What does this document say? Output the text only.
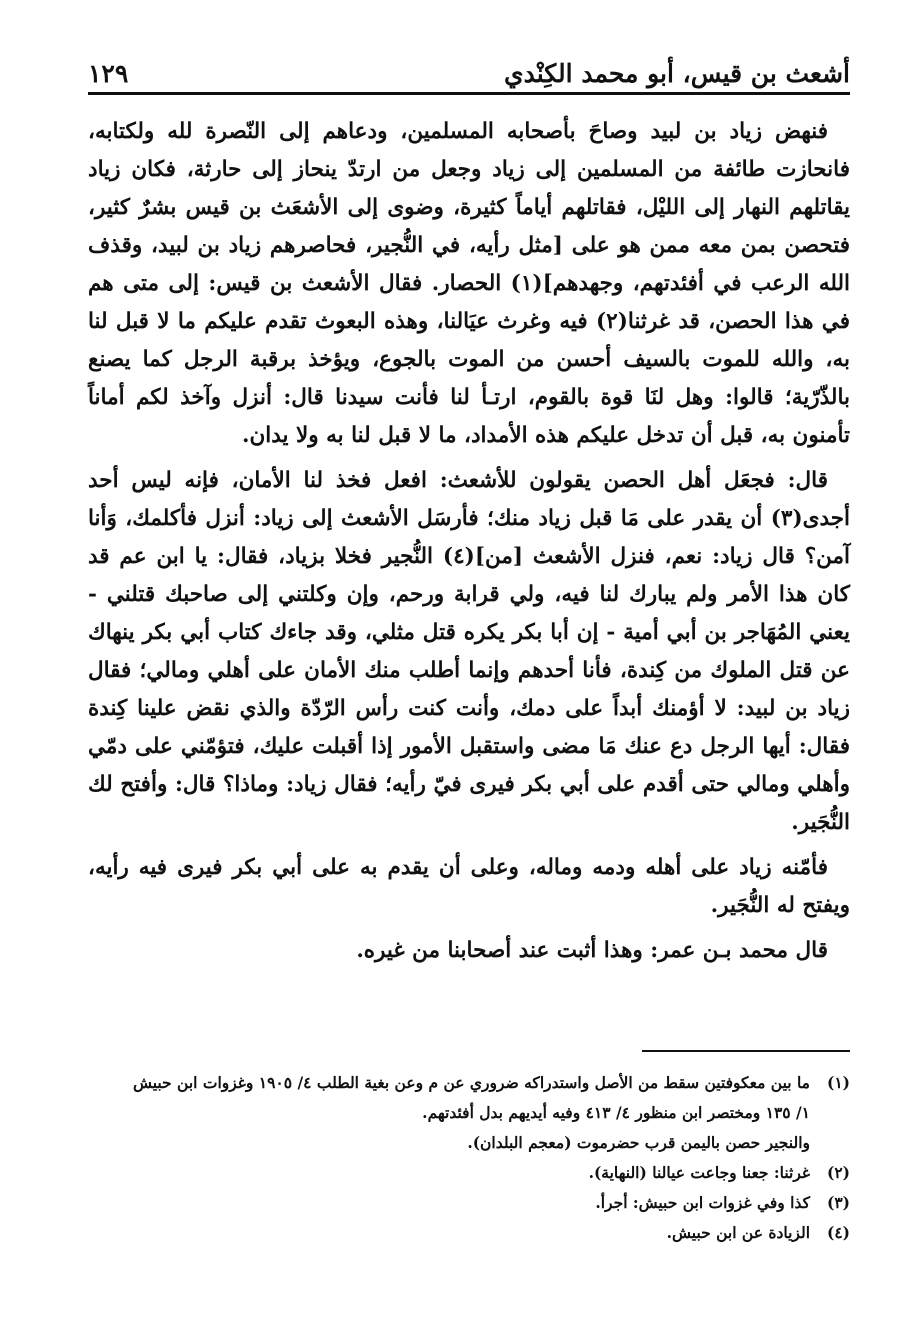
أشعث بن قيس، أبو محمد الكِنْدي
١٢٩

فنهض زياد بن لبيد وصاحَ بأصحابه المسلمين، ودعاهم إلى النّصرة لله ولكتابه، فانحازت طائفة من المسلمين إلى زياد وجعل من ارتدّ ينحاز إلى حارثة، فكان زياد يقاتلهم النهار إلى الليْل، فقاتلهم أياماً كثيرة، وضوى إلى الأشعَث بن قيس بشرٌ كثير، فتحصن بمن معه ممن هو على [مثل رأيه، في النُّجير، فحاصرهم زياد بن لبيد، وقذف الله الرعب في أفئدتهم، وجهدهم](١) الحصار. فقال الأشعث بن قيس: إلى متى هم في هذا الحصن، قد غرثنا(٢) فيه وغرث عيَالنا، وهذه البعوث تقدم عليكم ما لا قبل لنا به، والله للموت بالسيف أحسن من الموت بالجوع، ويؤخذ برقبة الرجل كما يصنع بالذّرّية؛ قالوا: وهل لنَا قوة بالقوم، ارتـأ لنا فأنت سيدنا قال: أنزل وآخذ لكم أماناً تأمنون به، قبل أن تدخل عليكم هذه الأمداد، ما لا قبل لنا به ولا يدان.

قال: فجعَل أهل الحصن يقولون للأشعث: افعل فخذ لنا الأمان، فإنه ليس أحد أجدى(٣) أن يقدر على مَا قبل زياد منك؛ فأرسَل الأشعث إلى زياد: أنزل فأكلمك، وَأنا آمن؟ قال زياد: نعم، فنزل الأشعث [من](٤) النُّجير فخلا بزياد، فقال: يا ابن عم قد كان هذا الأمر ولم يبارك لنا فيه، ولي قرابة ورحم، وإن وكلتني إلى صاحبك قتلني - يعني المُهَاجر بن أبي أمية - إن أبا بكر يكره قتل مثلي، وقد جاءك كتاب أبي بكر ينهاك عن قتل الملوك من كِندة، فأنا أحدهم وإنما أطلب منك الأمان على أهلي ومالي؛ فقال زياد بن لبيد: لا أؤمنك أبداً على دمك، وأنت كنت رأس الرّدّة والذي نقض علينا كِندة فقال: أيها الرجل دع عنك مَا مضى واستقبل الأمور إذا أقبلت عليك، فتؤمّني على دمّي وأهلي ومالي حتى أقدم على أبي بكر فيرى فيّ رأيه؛ فقال زياد: وماذا؟ قال: وأفتح لك النُّجَير.

فأمّنه زياد على أهله ودمه وماله، وعلى أن يقدم به على أبي بكر فيرى فيه رأيه، ويفتح له النُّجَير.

قال محمد بـن عمر: وهذا أثبت عند أصحابنا من غيره.

(١)
ما بين معكوفتين سقط من الأصل واستدراكه ضروري عن م وعن بغية الطلب ٤/ ١٩٠٥ وغزوات ابن حبيش
١/ ١٣٥ ومختصر ابن منظور ٤/ ٤١٣ وفيه أيديهم بدل أفئدتهم.
والنجير حصن باليمن قرب حضرموت (معجم البلدان).
(٢)
غرثنا: جعنا وجاعت عيالنا (النهاية).
(٣)
كذا وفي غزوات ابن حبيش: أجرأ.
(٤)
الزيادة عن ابن حبيش.
